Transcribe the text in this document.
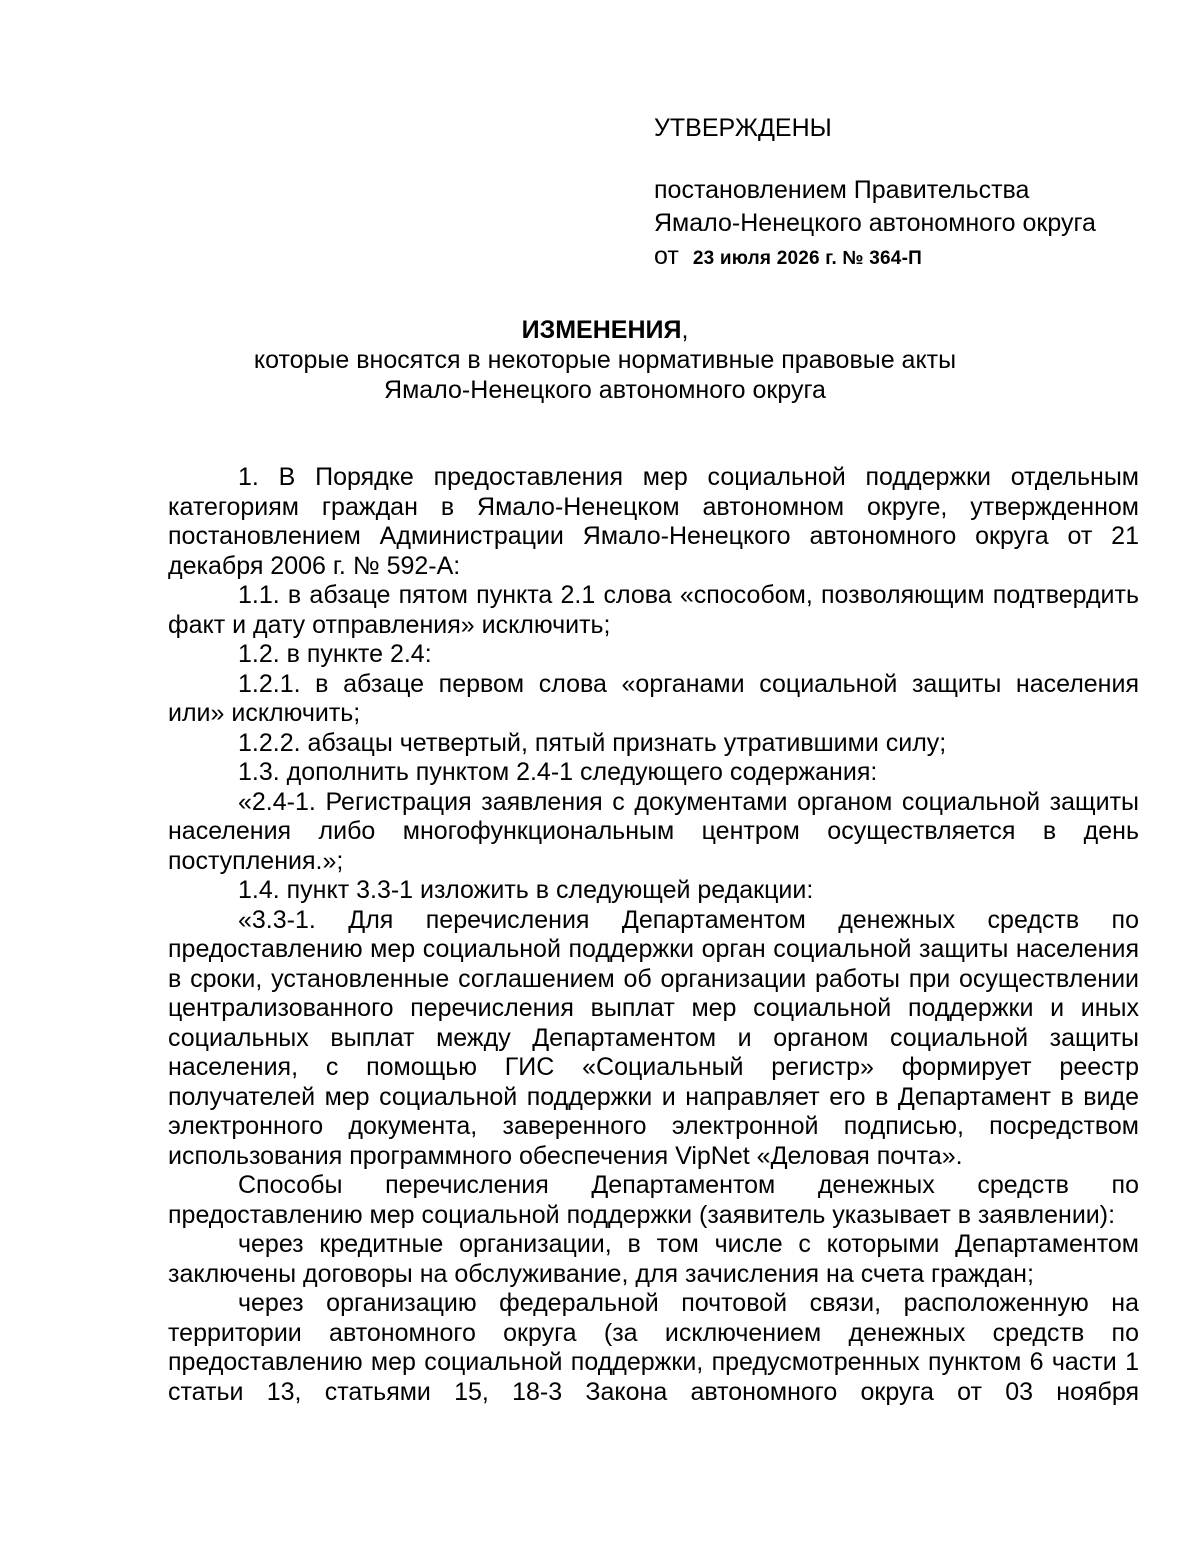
УТВЕРЖДЕНЫ
постановлением Правительства
Ямало-Ненецкого автономного округа
от 23 июля 2026 г. № 364-П
ИЗМЕНЕНИЯ,
которые вносятся в некоторые нормативные правовые акты
Ямало-Ненецкого автономного округа

1. В Порядке предоставления мер социальной поддержки отдельным категориям граждан в Ямало-Ненецком автономном округе, утвержденном постановлением Администрации Ямало-Ненецкого автономного округа от 21 декабря 2006 г. № 592-А:

1.1. в абзаце пятом пункта 2.1 слова «способом, позволяющим подтвердить факт и дату отправления» исключить;

1.2. в пункте 2.4:

1.2.1. в абзаце первом слова «органами социальной защиты населения или» исключить;

1.2.2. абзацы четвертый, пятый признать утратившими силу;

1.3. дополнить пунктом 2.4-1 следующего содержания:

«2.4-1. Регистрация заявления с документами органом социальной защиты населения либо многофункциональным центром осуществляется в день поступления.»;

1.4. пункт 3.3-1 изложить в следующей редакции:

«3.3-1. Для перечисления Департаментом денежных средств по предоставлению мер социальной поддержки орган социальной защиты населения в сроки, установленные соглашением об организации работы при осуществлении централизованного перечисления выплат мер социальной поддержки и иных социальных выплат между Департаментом и органом социальной защиты населения, с помощью ГИС «Социальный регистр» формирует реестр получателей мер социальной поддержки и направляет его в Департамент в виде электронного документа, заверенного электронной подписью, посредством использования программного обеспечения VipNet «Деловая почта».

Способы перечисления Департаментом денежных средств по предоставлению мер социальной поддержки (заявитель указывает в заявлении):

через кредитные организации, в том числе с которыми Департаментом заключены договоры на обслуживание, для зачисления на счета граждан;

через организацию федеральной почтовой связи, расположенную на территории автономного округа (за исключением денежных средств по предоставлению мер социальной поддержки, предусмотренных пунктом 6 части 1 статьи 13, статьями 15, 18-3 Закона автономного округа от 03 ноября
